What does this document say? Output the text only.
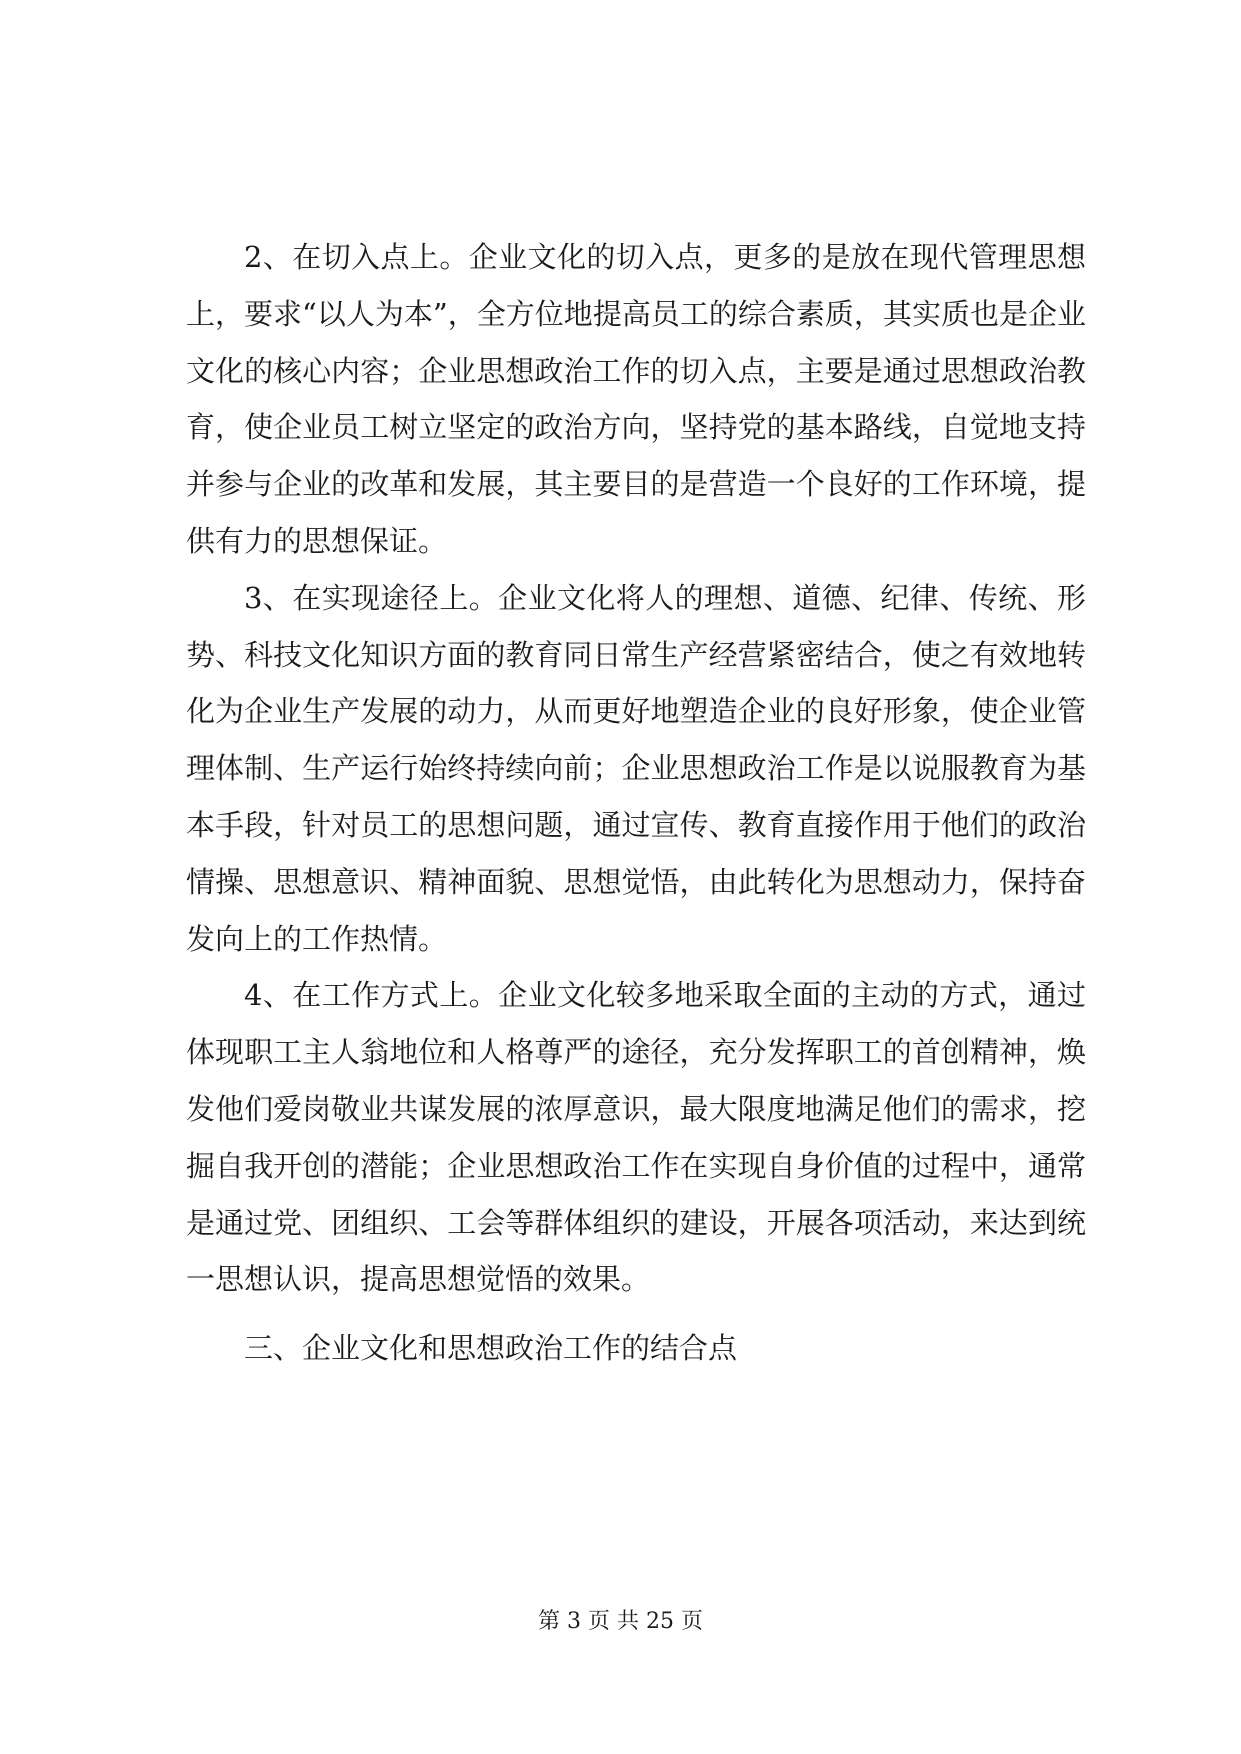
2、在切入点上。企业文化的切入点，更多的是放在现代管理思想上，要求“以人为本”，全方位地提高员工的综合素质，其实质也是企业文化的核心内容；企业思想政治工作的切入点，主要是通过思想政治教育，使企业员工树立坚定的政治方向，坚持党的基本路线，自觉地支持并参与企业的改革和发展，其主要目的是营造一个良好的工作环境，提供有力的思想保证。

3、在实现途径上。企业文化将人的理想、道德、纪律、传统、形势、科技文化知识方面的教育同日常生产经营紧密结合，使之有效地转化为企业生产发展的动力，从而更好地塑造企业的良好形象，使企业管理体制、生产运行始终持续向前；企业思想政治工作是以说服教育为基本手段，针对员工的思想问题，通过宣传、教育直接作用于他们的政治情操、思想意识、精神面貌、思想觉悟，由此转化为思想动力，保持奋发向上的工作热情。

4、在工作方式上。企业文化较多地采取全面的主动的方式，通过体现职工主人翁地位和人格尊严的途径，充分发挥职工的首创精神，焕发他们爱岗敬业共谋发展的浓厚意识，最大限度地满足他们的需求，挖掘自我开创的潜能；企业思想政治工作在实现自身价值的过程中，通常是通过党、团组织、工会等群体组织的建设，开展各项活动，来达到统一思想认识，提高思想觉悟的效果。

三、企业文化和思想政治工作的结合点

第 3 页 共 25 页
